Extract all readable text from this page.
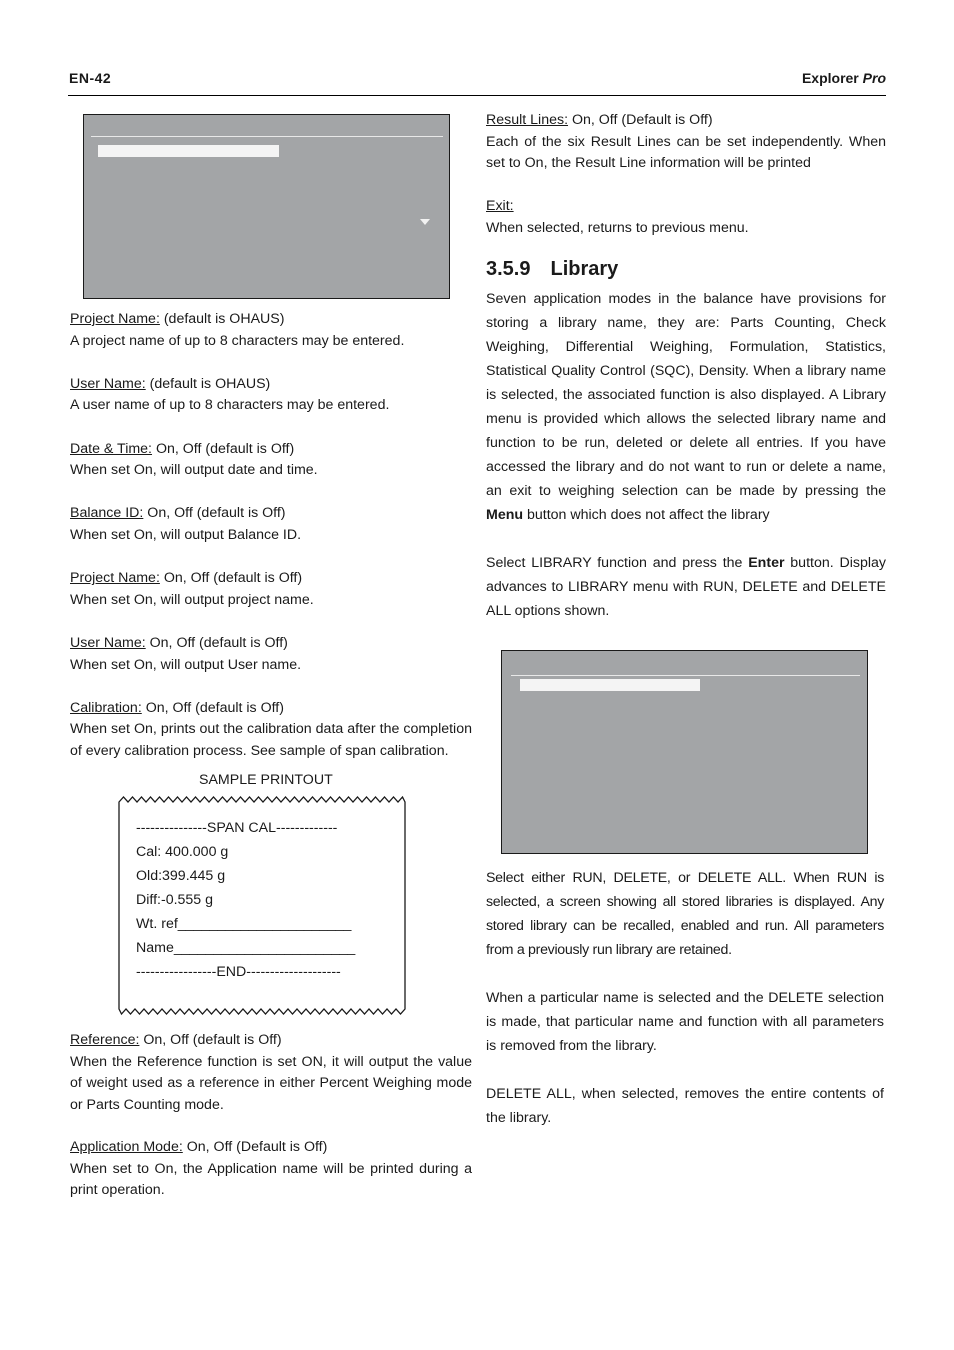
EN-42	Explorer Pro
Project Name: (default is OHAUS)
A project name of up to 8 characters may be entered.
User Name: (default is OHAUS)
A user name of up to 8 characters may be entered.
Date & Time: On, Off (default is Off)
When set On, will output date and time.
Balance ID: On, Off (default is Off)
When set On, will output Balance ID.
Project Name: On, Off (default is Off)
When set On, will output project name.
User Name: On, Off (default is Off)
When set On, will output User name.
Calibration: On, Off (default is Off)
When set On, prints out the calibration data after the completion of every calibration process. See sample of span calibration.
SAMPLE PRINTOUT
---------------SPAN CAL-------------
Cal: 400.000 g
Old:399.445 g
Diff:-0.555 g
Wt. ref______________________
Name_______________________
-----------------END--------------------
Reference: On, Off (default is Off)
When the Reference function is set ON, it will output the value of weight used as a reference in either Percent Weighing mode or Parts Counting mode.
Application Mode: On, Off (Default is Off)
When set to On, the Application name will be printed during a print operation.
Result Lines: On, Off (Default is Off)
Each of the six Result Lines can be set independently. When set to On, the Result Line information will be printed
Exit:
When selected, returns to previous menu.
3.5.9 Library

Seven application modes in the balance have provisions for storing a library name, they are: Parts Counting, Check Weighing, Differential Weighing, Formulation, Statistics, Statistical Quality Control (SQC), Density. When a library name is selected, the associated function is also displayed. A Library menu is provided which allows the selected library name and function to be run, deleted or delete all entries. If you have accessed the library and do not want to run or delete a name, an exit to weighing selection can be made by pressing the Menu button which does not affect the library

Select LIBRARY function and press the Enter button. Display advances to LIBRARY menu with RUN, DELETE and DELETE ALL options shown.

Select either RUN, DELETE, or DELETE ALL. When RUN is selected, a screen showing all stored libraries is displayed. Any stored library can be recalled, enabled and run. All parameters from a previously run library are retained.

When a particular name is selected and the DELETE selection is made, that particular name and function with all parameters is removed from the library.

DELETE ALL, when selected, removes the entire contents of the library.
